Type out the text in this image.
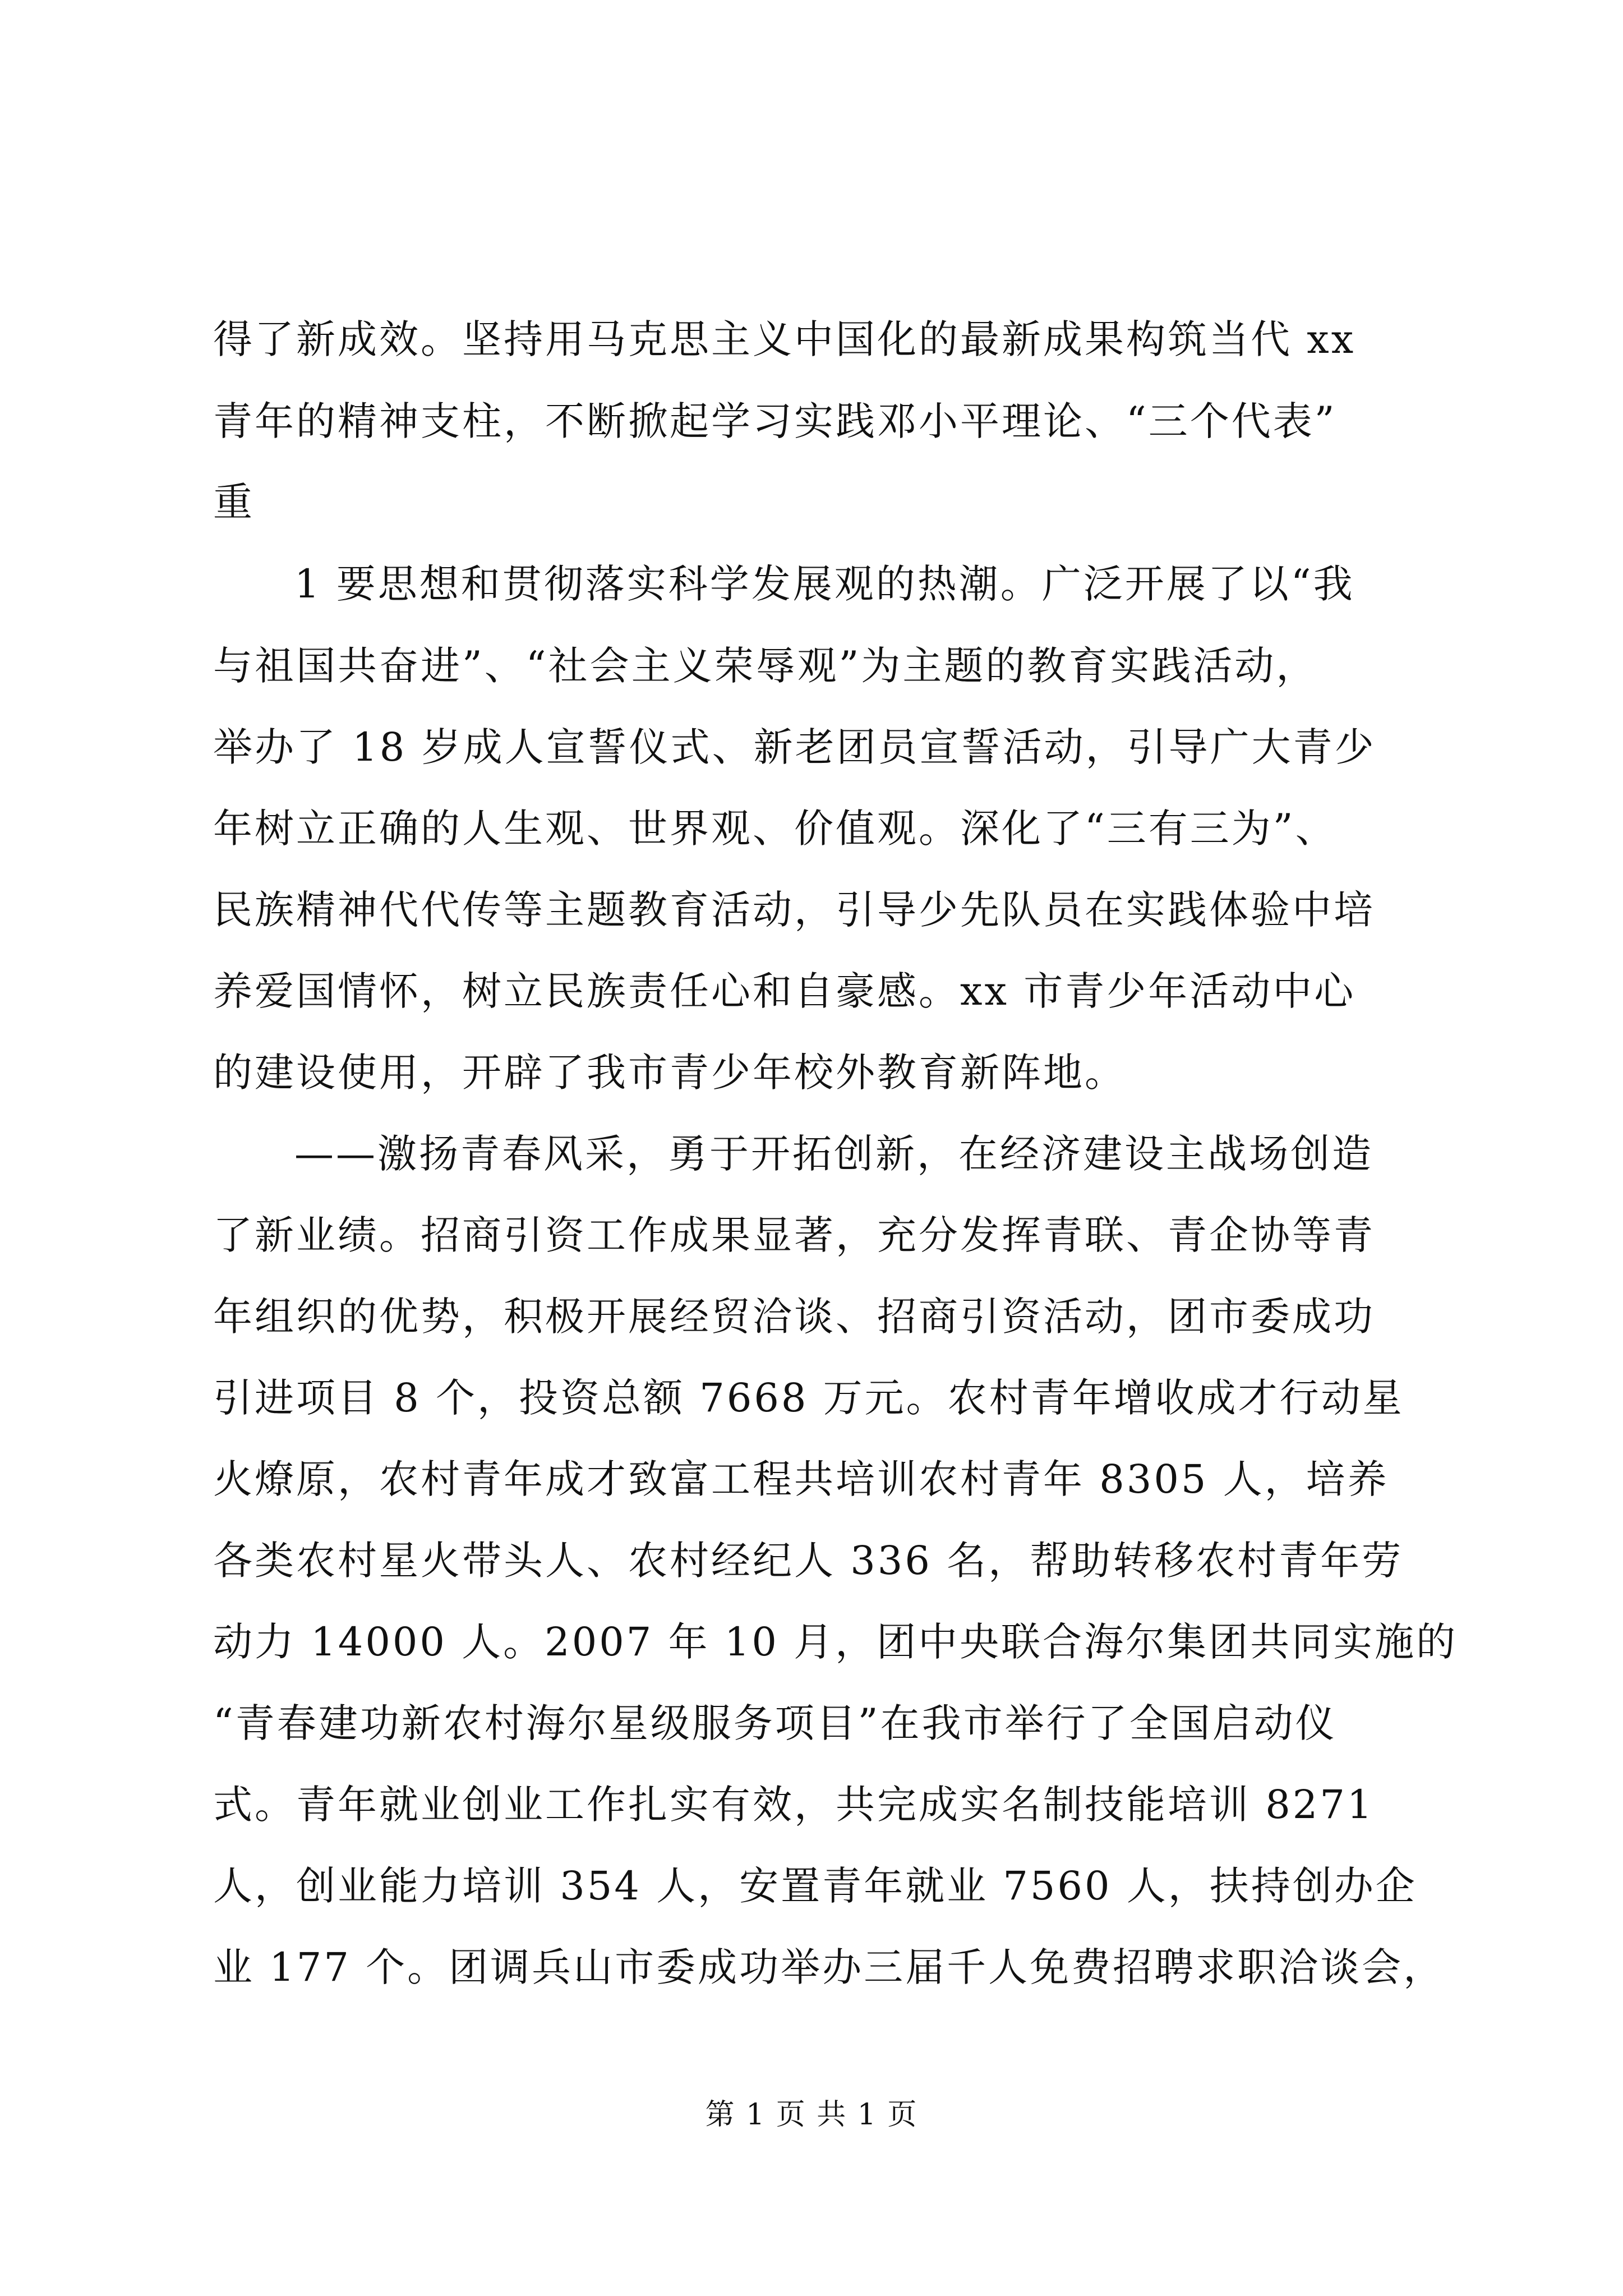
得了新成效。坚持用马克思主义中国化的最新成果构筑当代 xx
青年的精神支柱，不断掀起学习实践邓小平理论、“三个代表”
重
1 要思想和贯彻落实科学发展观的热潮。广泛开展了以“我
与祖国共奋进”、“社会主义荣辱观”为主题的教育实践活动，
举办了 18 岁成人宣誓仪式、新老团员宣誓活动，引导广大青少
年树立正确的人生观、世界观、价值观。深化了“三有三为”、
民族精神代代传等主题教育活动，引导少先队员在实践体验中培
养爱国情怀，树立民族责任心和自豪感。xx 市青少年活动中心
的建设使用，开辟了我市青少年校外教育新阵地。
——激扬青春风采，勇于开拓创新，在经济建设主战场创造
了新业绩。招商引资工作成果显著，充分发挥青联、青企协等青
年组织的优势，积极开展经贸洽谈、招商引资活动，团市委成功
引进项目 8 个，投资总额 7668 万元。农村青年增收成才行动星
火燎原，农村青年成才致富工程共培训农村青年 8305 人，培养
各类农村星火带头人、农村经纪人 336 名，帮助转移农村青年劳
动力 14000 人。2007 年 10 月，团中央联合海尔集团共同实施的
“青春建功新农村海尔星级服务项目”在我市举行了全国启动仪
式。青年就业创业工作扎实有效，共完成实名制技能培训 8271
人，创业能力培训 354 人，安置青年就业 7560 人，扶持创办企
业 177 个。团调兵山市委成功举办三届千人免费招聘求职洽谈会，
第 1 页 共 1 页
